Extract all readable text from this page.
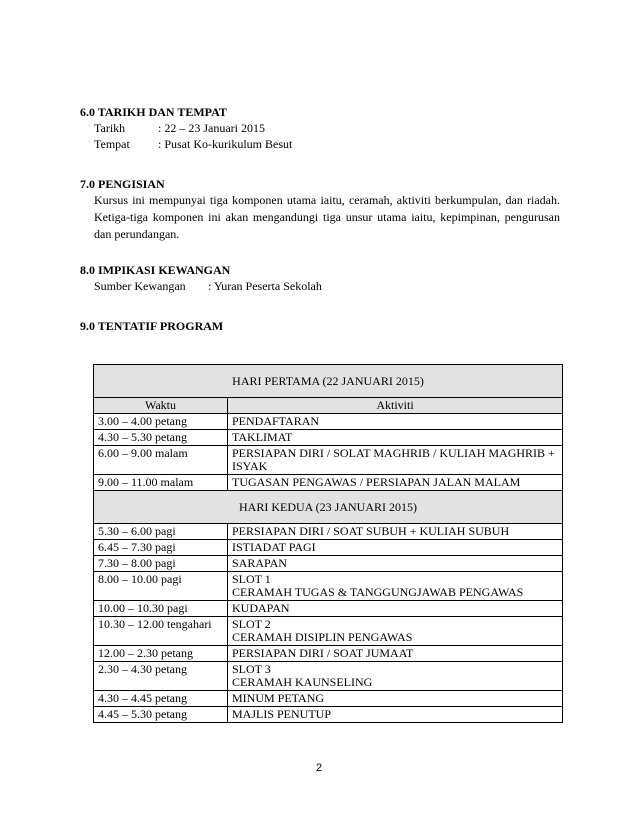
6.0 TARIKH DAN TEMPAT
Tarikh	: 22 – 23 Januari 2015
Tempat	: Pusat Ko-kurikulum Besut
7.0 PENGISIAN
Kursus ini mempunyai tiga komponen utama iaitu, ceramah, aktiviti berkumpulan, dan riadah. Ketiga-tiga komponen ini akan mengandungi tiga unsur utama iaitu, kepimpinan, pengurusan dan perundangan.
8.0 IMPIKASI KEWANGAN
Sumber Kewangan	: Yuran Peserta Sekolah
9.0 TENTATIF PROGRAM
HARI PERTAMA (22 JANUARI 2015)	
Waktu	Aktiviti
3.00 – 4.00 petang	PENDAFTARAN

4.30 – 5.30 petang	TAKLIMAT

6.00 – 9.00 malam	PERSIAPAN DIRI / SOLAT MAGHRIB / KULIAH MAGHRIB + ISYAK

9.00 – 11.00 malam	TUGASAN PENGAWAS / PERSIAPAN JALAN MALAM

HARI KEDUA (23 JANUARI 2015)	
5.30 – 6.00 pagi	PERSIAPAN DIRI / SOAT SUBUH + KULIAH SUBUH

6.45 – 7.30 pagi	ISTIADAT PAGI

7.30 – 8.00 pagi	SARAPAN

8.00 – 10.00 pagi	SLOT 1
CERAMAH TUGAS & TANGGUNGJAWAB PENGAWAS

10.00 – 10.30 pagi	KUDAPAN

10.30 – 12.00 tengahari	SLOT 2
CERAMAH DISIPLIN PENGAWAS

12.00 – 2.30 petang	PERSIAPAN DIRI / SOAT JUMAAT

2.30 – 4.30 petang	SLOT 3
CERAMAH KAUNSELING

4.30 – 4.45 petang	MINUM PETANG

4.45 – 5.30 petang	MAJLIS PENUTUP
2
